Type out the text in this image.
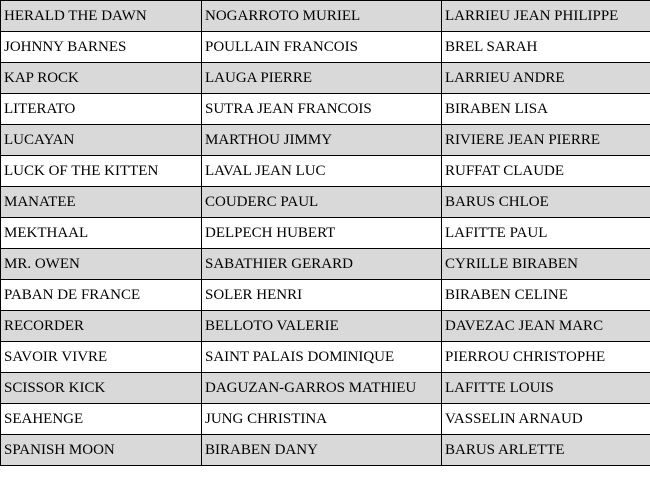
HERALD THE DAWN	NOGARROTO MURIEL	LARRIEU JEAN PHILIPPE
JOHNNY BARNES	POULLAIN FRANCOIS	BREL SARAH
KAP ROCK	LAUGA PIERRE	LARRIEU ANDRE
LITERATO	SUTRA JEAN FRANCOIS	BIRABEN LISA
LUCAYAN	MARTHOU JIMMY	RIVIERE JEAN PIERRE
LUCK OF THE KITTEN	LAVAL JEAN LUC	RUFFAT CLAUDE
MANATEE	COUDERC PAUL	BARUS CHLOE
MEKTHAAL	DELPECH HUBERT	LAFITTE PAUL
MR. OWEN	SABATHIER GERARD	CYRILLE BIRABEN
PABAN DE FRANCE	SOLER HENRI	BIRABEN CELINE
RECORDER	BELLOTO VALERIE	DAVEZAC JEAN MARC
SAVOIR VIVRE	SAINT PALAIS DOMINIQUE	PIERROU CHRISTOPHE
SCISSOR KICK	DAGUZAN-GARROS MATHIEU	LAFITTE LOUIS
SEAHENGE	JUNG CHRISTINA	VASSELIN ARNAUD
SPANISH MOON	BIRABEN DANY	BARUS ARLETTE
